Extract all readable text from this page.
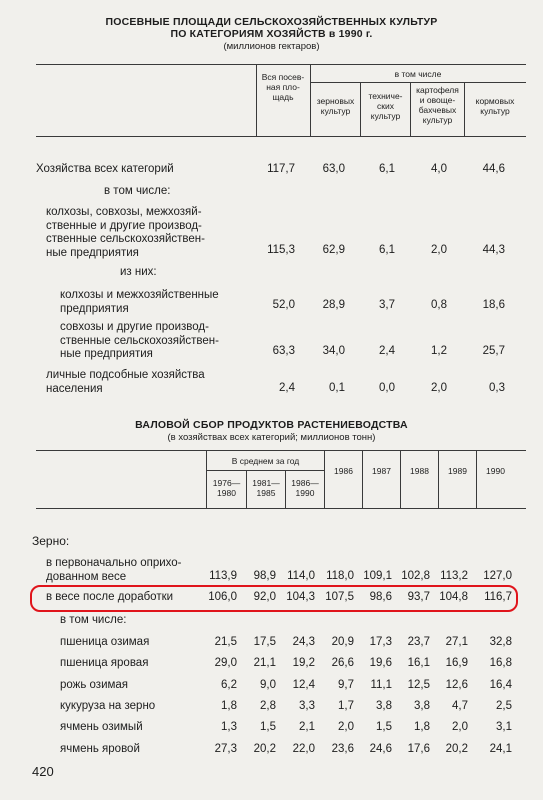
ПОСЕВНЫЕ ПЛОЩАДИ СЕЛЬСКОХОЗЯЙСТВЕННЫХ КУЛЬТУР
ПО КАТЕГОРИЯМ ХОЗЯЙСТВ в 1990 г.
(миллионов гектаров)
Вся посев-
ная пло-
щадь
в том числе
зерновых культур
техниче-
ских
культур
картофеля
и овоще-
бахчевых
культур
кормовых культур
Хозяйства всех категорий	117,7	63,0	6,1	4,0	44,6
в том числе:
колхозы, совхозы, межхозяй-
ственные и другие производ-
ственные сельскохозяйствен-
ные предприятия	115,3	62,9	6,1	2,0	44,3
из них:
колхозы и межхозяйственные
предприятия	52,0	28,9	3,7	0,8	18,6
совхозы и другие производ-
ственные сельскохозяйствен-
ные предприятия	63,3	34,0	2,4	1,2	25,7
личные подсобные хозяйства
населения	2,4	0,1	0,0	2,0	0,3
ВАЛОВОЙ СБОР ПРОДУКТОВ РАСТЕНИЕВОДСТВА
(в хозяйствах всех категорий; миллионов тонн)
В среднем за год
1976—
1980
1981—
1985
1986—
1990
1986	1987	1988	1989	1990
Зерно:
в первоначально оприхо-
дованном весе	113,9	98,9 114,0 118,0 109,1 102,8 113,2	127,0
в весе после доработки	106,0	92,0 104,3 107,5	98,6	93,7 104,8	116,7
в том числе:
пшеница озимая	21,5	17,5	24,3	20,9	17,3	23,7	27,1	32,8
пшеница яровая	29,0	21,1	19,2	26,6	19,6	16,1	16,9	16,8
рожь озимая	6,2	9,0	12,4	9,7	11,1	12,5	12,6	16,4
кукуруза на зерно	1,8	2,8	3,3	1,7	3,8	3,8	4,7	2,5
ячмень озимый	1,3	1,5	2,1	2,0	1,5	1,8	2,0	3,1
ячмень яровой	27,3	20,2	22,0	23,6	24,6	17,6	20,2	24,1
420
